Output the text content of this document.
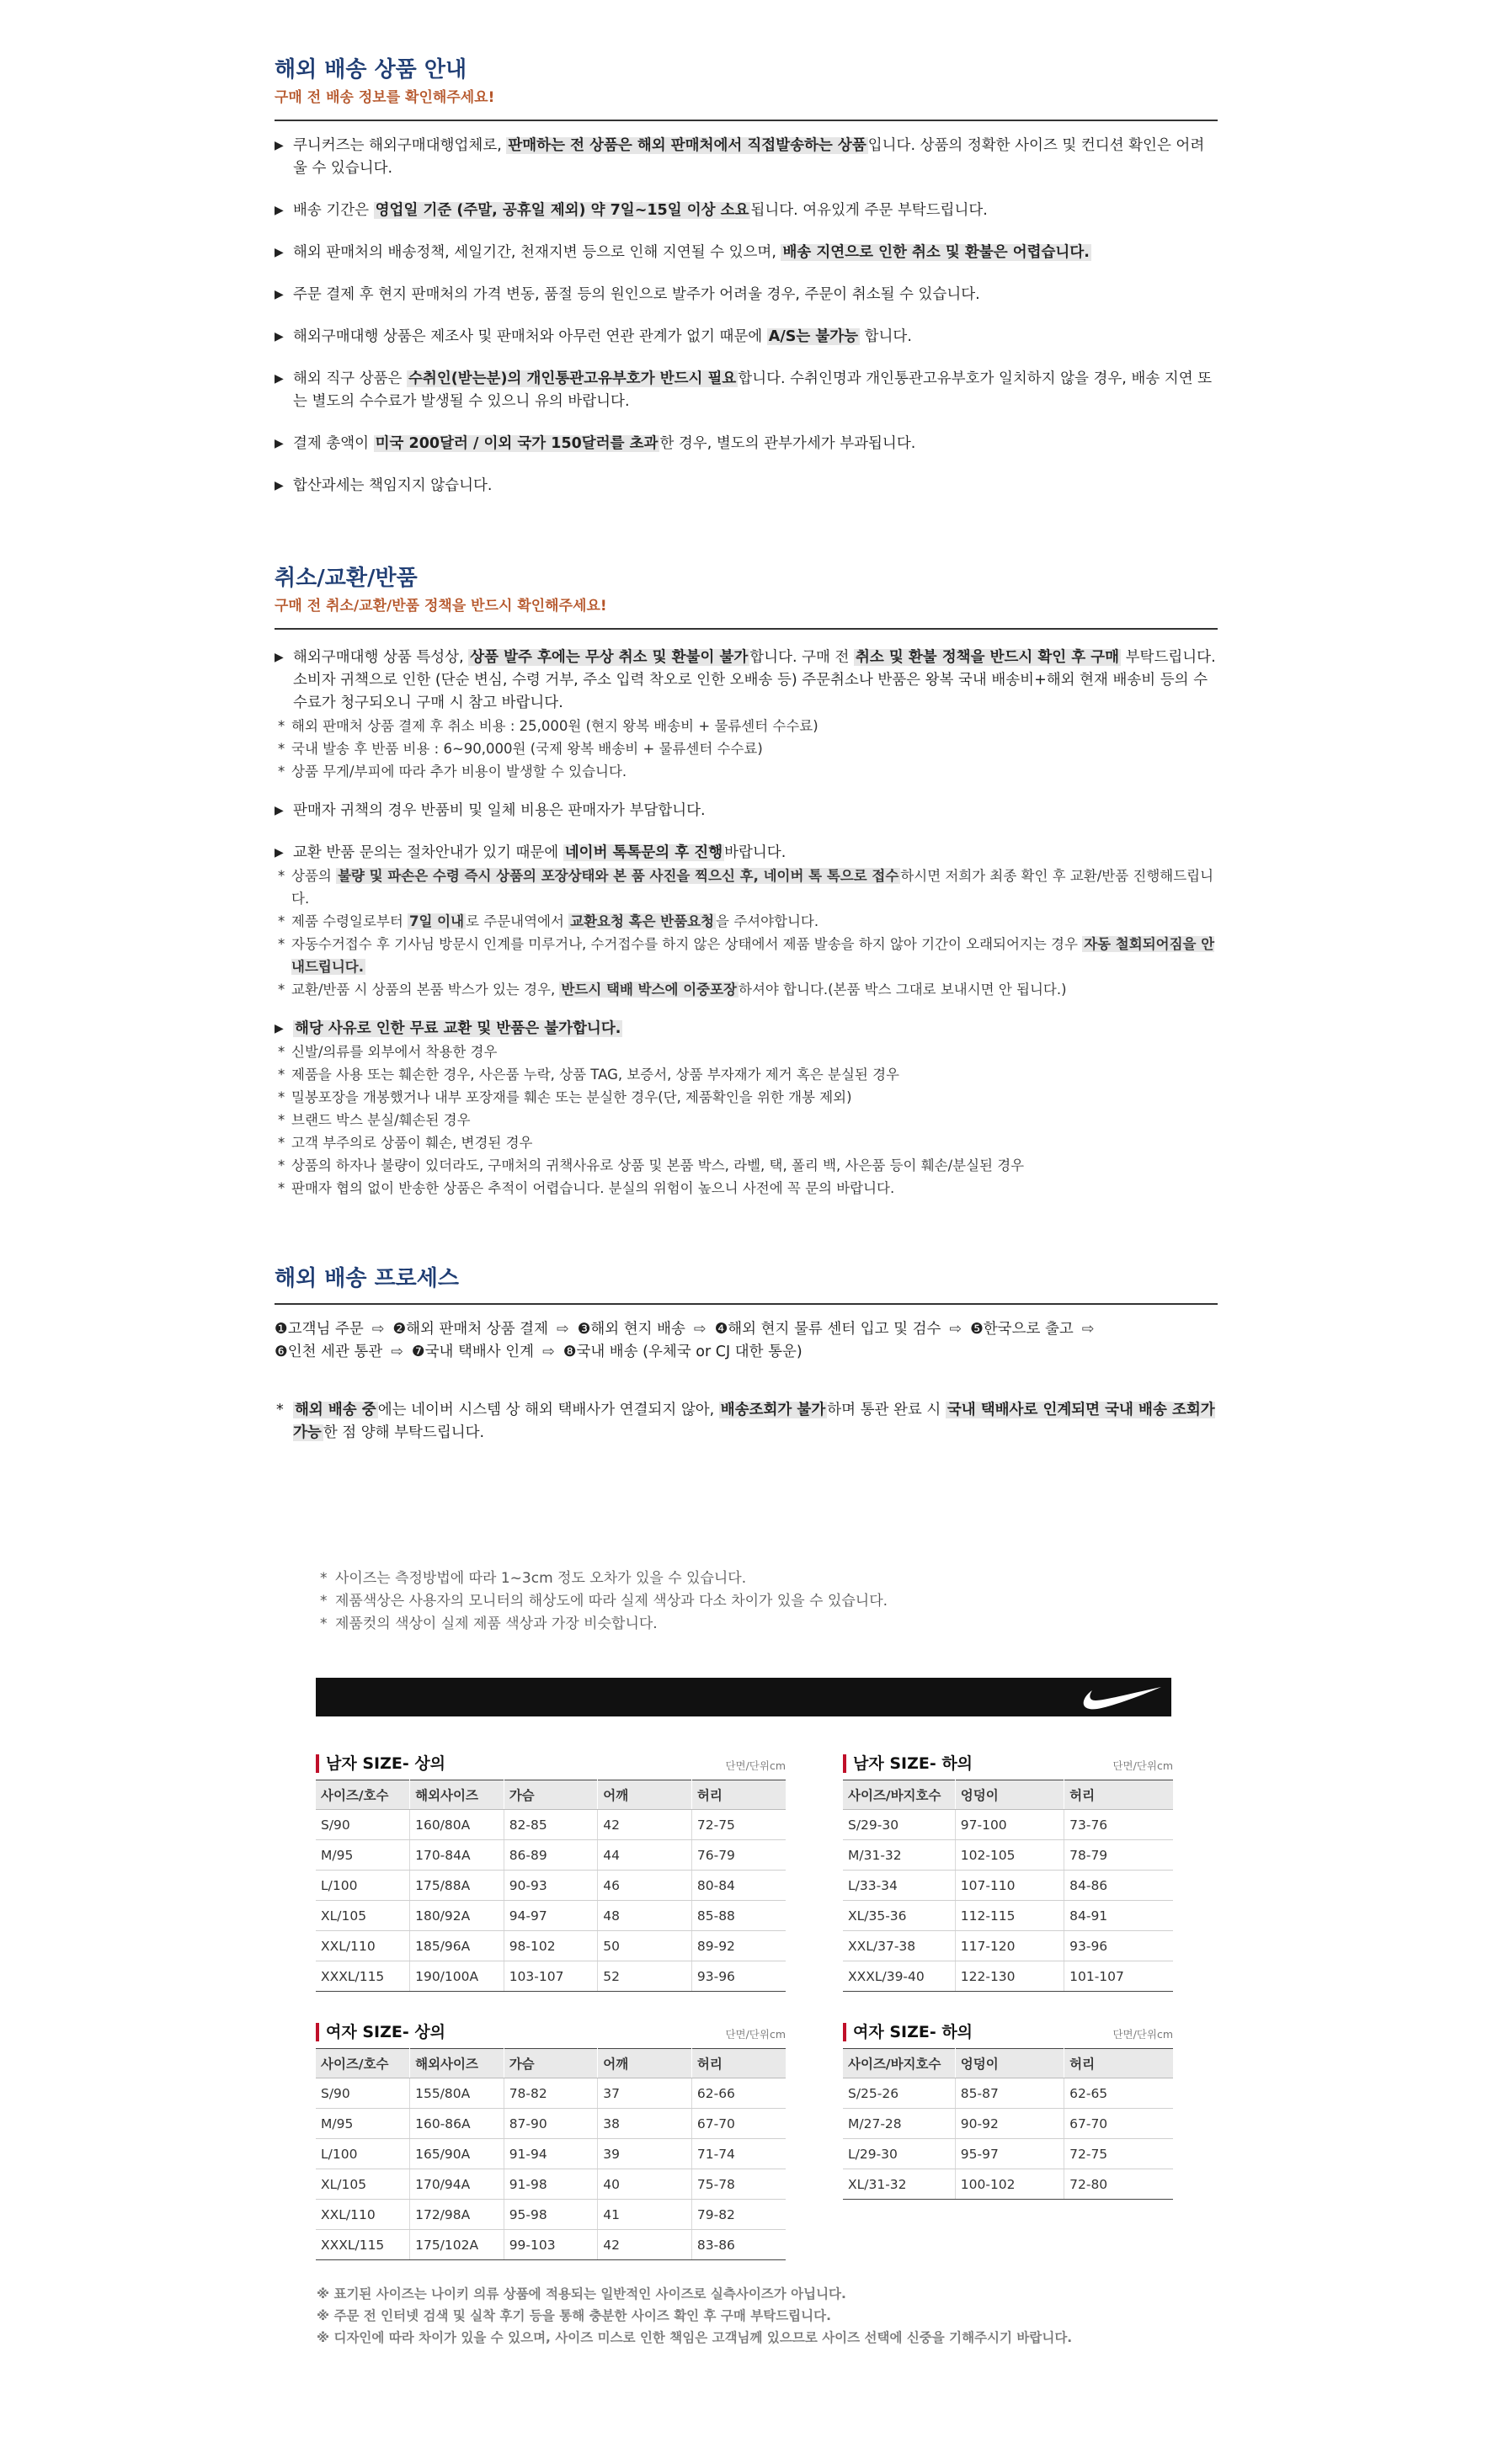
해외 배송 상품 안내

구매 전 배송 정보를 확인해주세요!

▶ 쿠니커즈는 해외구매대행업체로, 판매하는 전 상품은 해외 판매처에서 직접발송하는 상품 입니다. 상품의 정확한 사이즈 및 컨디션 확인은 어려울 수 있습니다.
▶ 배송 기간은 영업일 기준 (주말, 공휴일 제외) 약 7일~15일 이상 소요 됩니다. 여유있게 주문 부탁드립니다.
▶ 해외 판매처의 배송정책, 세일기간, 천재지변 등으로 인해 지연될 수 있으며, 배송 지연으로 인한 취소 및 환불은 어렵습니다.
▶ 주문 결제 후 현지 판매처의 가격 변동, 품절 등의 원인으로 발주가 어려울 경우, 주문이 취소될 수 있습니다.
▶ 해외구매대행 상품은 제조사 및 판매처와 아무런 연관 관계가 없기 때문에 A/S는 불가능 합니다.
▶ 해외 직구 상품은 수취인(받는분)의 개인통관고유부호가 반드시 필요 합니다. 수취인명과 개인통관고유부호가 일치하지 않을 경우, 배송 지연 또는 별도의 수수료가 발생될 수 있으니 유의 바랍니다.
▶ 결제 총액이 미국 200달러 / 이외 국가 150달러를 초과 한 경우, 별도의 관부가세가 부과됩니다.
▶ 합산과세는 책임지지 않습니다.
취소/교환/반품

구매 전 취소/교환/반품 정책을 반드시 확인해주세요!

▶ 해외구매대행 상품 특성상, 상품 발주 후에는 무상 취소 및 환불이 불가 합니다. 구매 전 취소 및 환불 정책을 반드시 확인 후 구매 부탁드립니다. 소비자 귀책으로 인한 (단순 변심, 수령 거부, 주소 입력 착오로 인한 오배송 등) 주문취소나 반품은 왕복 국내 배송비+해외 현재 배송비 등의 수수료가 청구되오니 구매 시 참고 바랍니다.
* 해외 판매처 상품 결제 후 취소 비용 : 25,000원 (현지 왕복 배송비 + 물류센터 수수료)
* 국내 발송 후 반품 비용 : 6~90,000원 (국제 왕복 배송비 + 물류센터 수수료)
* 상품 무게/부피에 따라 추가 비용이 발생할 수 있습니다.
▶ 판매자 귀책의 경우 반품비 및 일체 비용은 판매자가 부담합니다.
▶ 교환 반품 문의는 절차안내가 있기 때문에 네이버 톡톡문의 후 진행 바랍니다.
* 상품의 불량 및 파손은 수령 즉시 상품의 포장상태와 본 품 사진을 찍으신 후, 네이버 톡 톡으로 접수 하시면 저희가 최종 확인 후 교환/반품 진행해드립니다.
* 제품 수령일로부터 7일 이내 로 주문내역에서 교환요청 혹은 반품요청 을 주셔야합니다.
* 자동수거접수 후 기사님 방문시 인계를 미루거나, 수거접수를 하지 않은 상태에서 제품 발송을 하지 않아 기간이 오래되어지는 경우 자동 철회되어짐을 안내드립니다.
* 교환/반품 시 상품의 본품 박스가 있는 경우, 반드시 택배 박스에 이중포장 하셔야 합니다.(본품 박스 그대로 보내시면 안 됩니다.)
▶ 해당 사유로 인한 무료 교환 및 반품은 불가합니다.
* 신발/의류를 외부에서 착용한 경우
* 제품을 사용 또는 훼손한 경우, 사은품 누락, 상품 TAG, 보증서, 상품 부자재가 제거 혹은 분실된 경우
* 밀봉포장을 개봉했거나 내부 포장재를 훼손 또는 분실한 경우(단, 제품확인을 위한 개봉 제외)
* 브랜드 박스 분실/훼손된 경우
* 고객 부주의로 상품이 훼손, 변경된 경우
* 상품의 하자나 불량이 있더라도, 구매처의 귀책사유로 상품 및 본품 박스, 라벨, 택, 폴리 백, 사은품 등이 훼손/분실된 경우
* 판매자 협의 없이 반송한 상품은 추적이 어렵습니다. 분실의 위험이 높으니 사전에 꼭 문의 바랍니다.
해외 배송 프로세스
❶고객님 주문 ⇨ ❷해외 판매처 상품 결제 ⇨ ❸해외 현지 배송 ⇨ ❹해외 현지 물류 센터 입고 및 검수 ⇨ ❺한국으로 출고 ⇨
❻인천 세관 통관 ⇨ ❼국내 택배사 인계 ⇨ ❽국내 배송 (우체국 or CJ 대한 통운)
* 해외 배송 중 에는 네이버 시스템 상 해외 택배사가 연결되지 않아, 배송조회가 불가 하며 통관 완료 시 국내 택배사로 인계되면 국내 배송 조회가 가능 한 점 양해 부탁드립니다.
* 사이즈는 측정방법에 따라 1~3cm 정도 오차가 있을 수 있습니다.
* 제품색상은 사용자의 모니터의 해상도에 따라 실제 색상과 다소 차이가 있을 수 있습니다.
* 제품컷의 색상이 실제 제품 색상과 가장 비슷합니다.
남자 SIZE- 상의	단면/단위cm
사이즈/호수	해외사이즈	가슴	어깨	허리
S/90	160/80A	82-85	42	72-75
M/95	170-84A	86-89	44	76-79
L/100	175/88A	90-93	46	80-84
XL/105	180/92A	94-97	48	85-88
XXL/110	185/96A	98-102	50	89-92
XXXL/115	190/100A	103-107	52	93-96
남자 SIZE- 하의	단면/단위cm
사이즈/바지호수	엉덩이	허리
S/29-30	97-100	73-76
M/31-32	102-105	78-79
L/33-34	107-110	84-86
XL/35-36	112-115	84-91
XXL/37-38	117-120	93-96
XXXL/39-40	122-130	101-107
여자 SIZE- 상의	단면/단위cm
사이즈/호수	해외사이즈	가슴	어깨	허리
S/90	155/80A	78-82	37	62-66
M/95	160-86A	87-90	38	67-70
L/100	165/90A	91-94	39	71-74
XL/105	170/94A	91-98	40	75-78
XXL/110	172/98A	95-98	41	79-82
XXXL/115	175/102A	99-103	42	83-86
여자 SIZE- 하의	단면/단위cm
사이즈/바지호수	엉덩이	허리
S/25-26	85-87	62-65
M/27-28	90-92	67-70
L/29-30	95-97	72-75
XL/31-32	100-102	72-80
※ 표기된 사이즈는 나이키 의류 상품에 적용되는 일반적인 사이즈로 실측사이즈가 아닙니다.
※ 주문 전 인터넷 검색 및 실착 후기 등을 통해 충분한 사이즈 확인 후 구매 부탁드립니다.
※ 디자인에 따라 차이가 있을 수 있으며, 사이즈 미스로 인한 책임은 고객님께 있으므로 사이즈 선택에 신중을 기해주시기 바랍니다.
